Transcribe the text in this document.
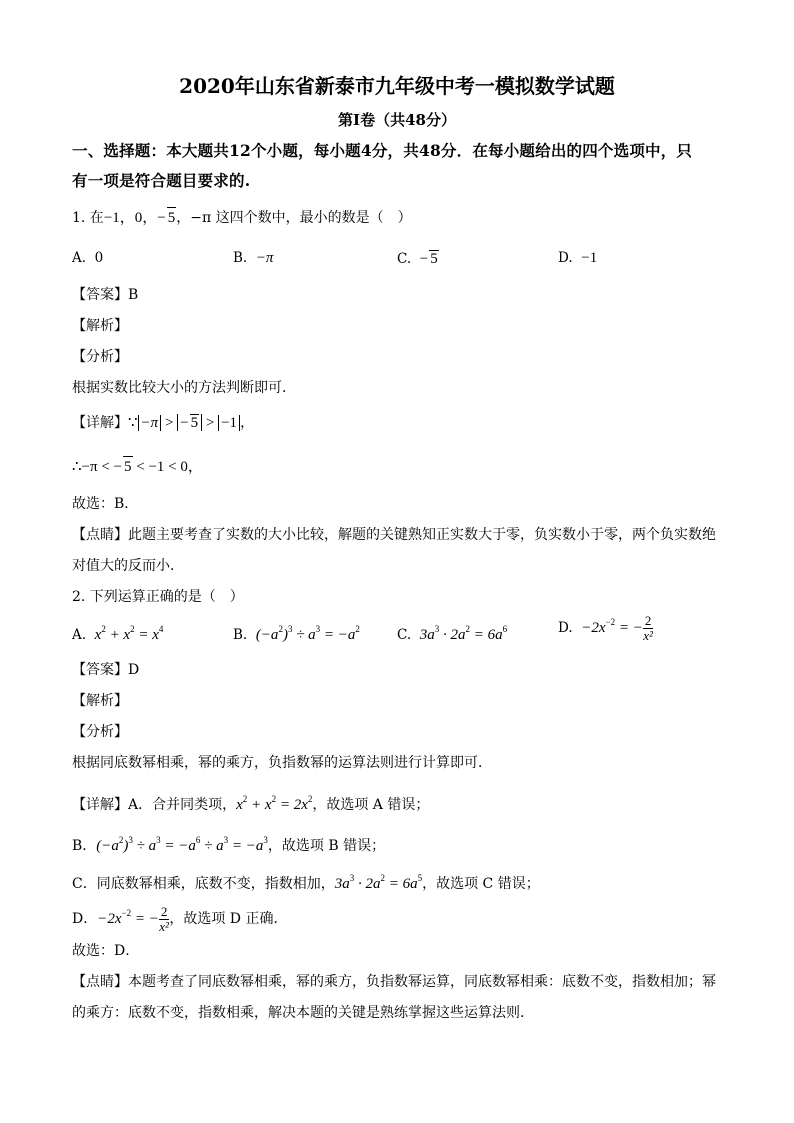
2020年山东省新泰市九年级中考一模拟数学试题
第I卷（共48分）
一、选择题：本大题共12个小题，每小题4分，共48分．在每小题给出的四个选项中，只
有一项是符合题目要求的.
1. 在−1，0，− 5，−π 这四个数中，最小的数是（　）
A. 0	B. −π	C. − 5	D. −1
【答案】B
【解析】
【分析】
根据实数比较大小的方法判断即可．
【详解】∵ −π > − 5 > −1 ，
∴−π < − 5 < −1 < 0，
故选：B．
【点睛】此题主要考查了实数的大小比较，解题的关键熟知正实数大于零，负实数小于零，两个负实数绝
对值大的反而小．
2. 下列运算正确的是（　）
A. $x^2 + x^2 = x^4$	B. $(-a^2)^3 \div a^3 = -a^2$	C. $3a^3 \cdot 2a^2 = 6a^6$	D. $-2x^{-2}$ = − $\frac{2}{\text{x²}}$
【答案】D
【解析】
【分析】
根据同底数幂相乘，幂的乘方，负指数幂的运算法则进行计算即可．
【详解】A．合并同类项，$x^2 + x^2 = 2x^2$，故选项 A 错误；
B．$(-a^2)^3 \div a^3 = -a^6 \div a^3 = -a^3$，故选项 B 错误；
C．同底数幂相乘，底数不变，指数相加，$3a^3 \cdot 2a^2 = 6a^5$，故选项 C 错误；
D．$-2x^{-2}$ = − $\frac{2}{\text{x²}}$ ，故选项 D 正确．
故选：D．
【点睛】本题考查了同底数幂相乘，幂的乘方，负指数幂运算，同底数幂相乘：底数不变，指数相加；幂
的乘方：底数不变，指数相乘，解决本题的关键是熟练掌握这些运算法则．
